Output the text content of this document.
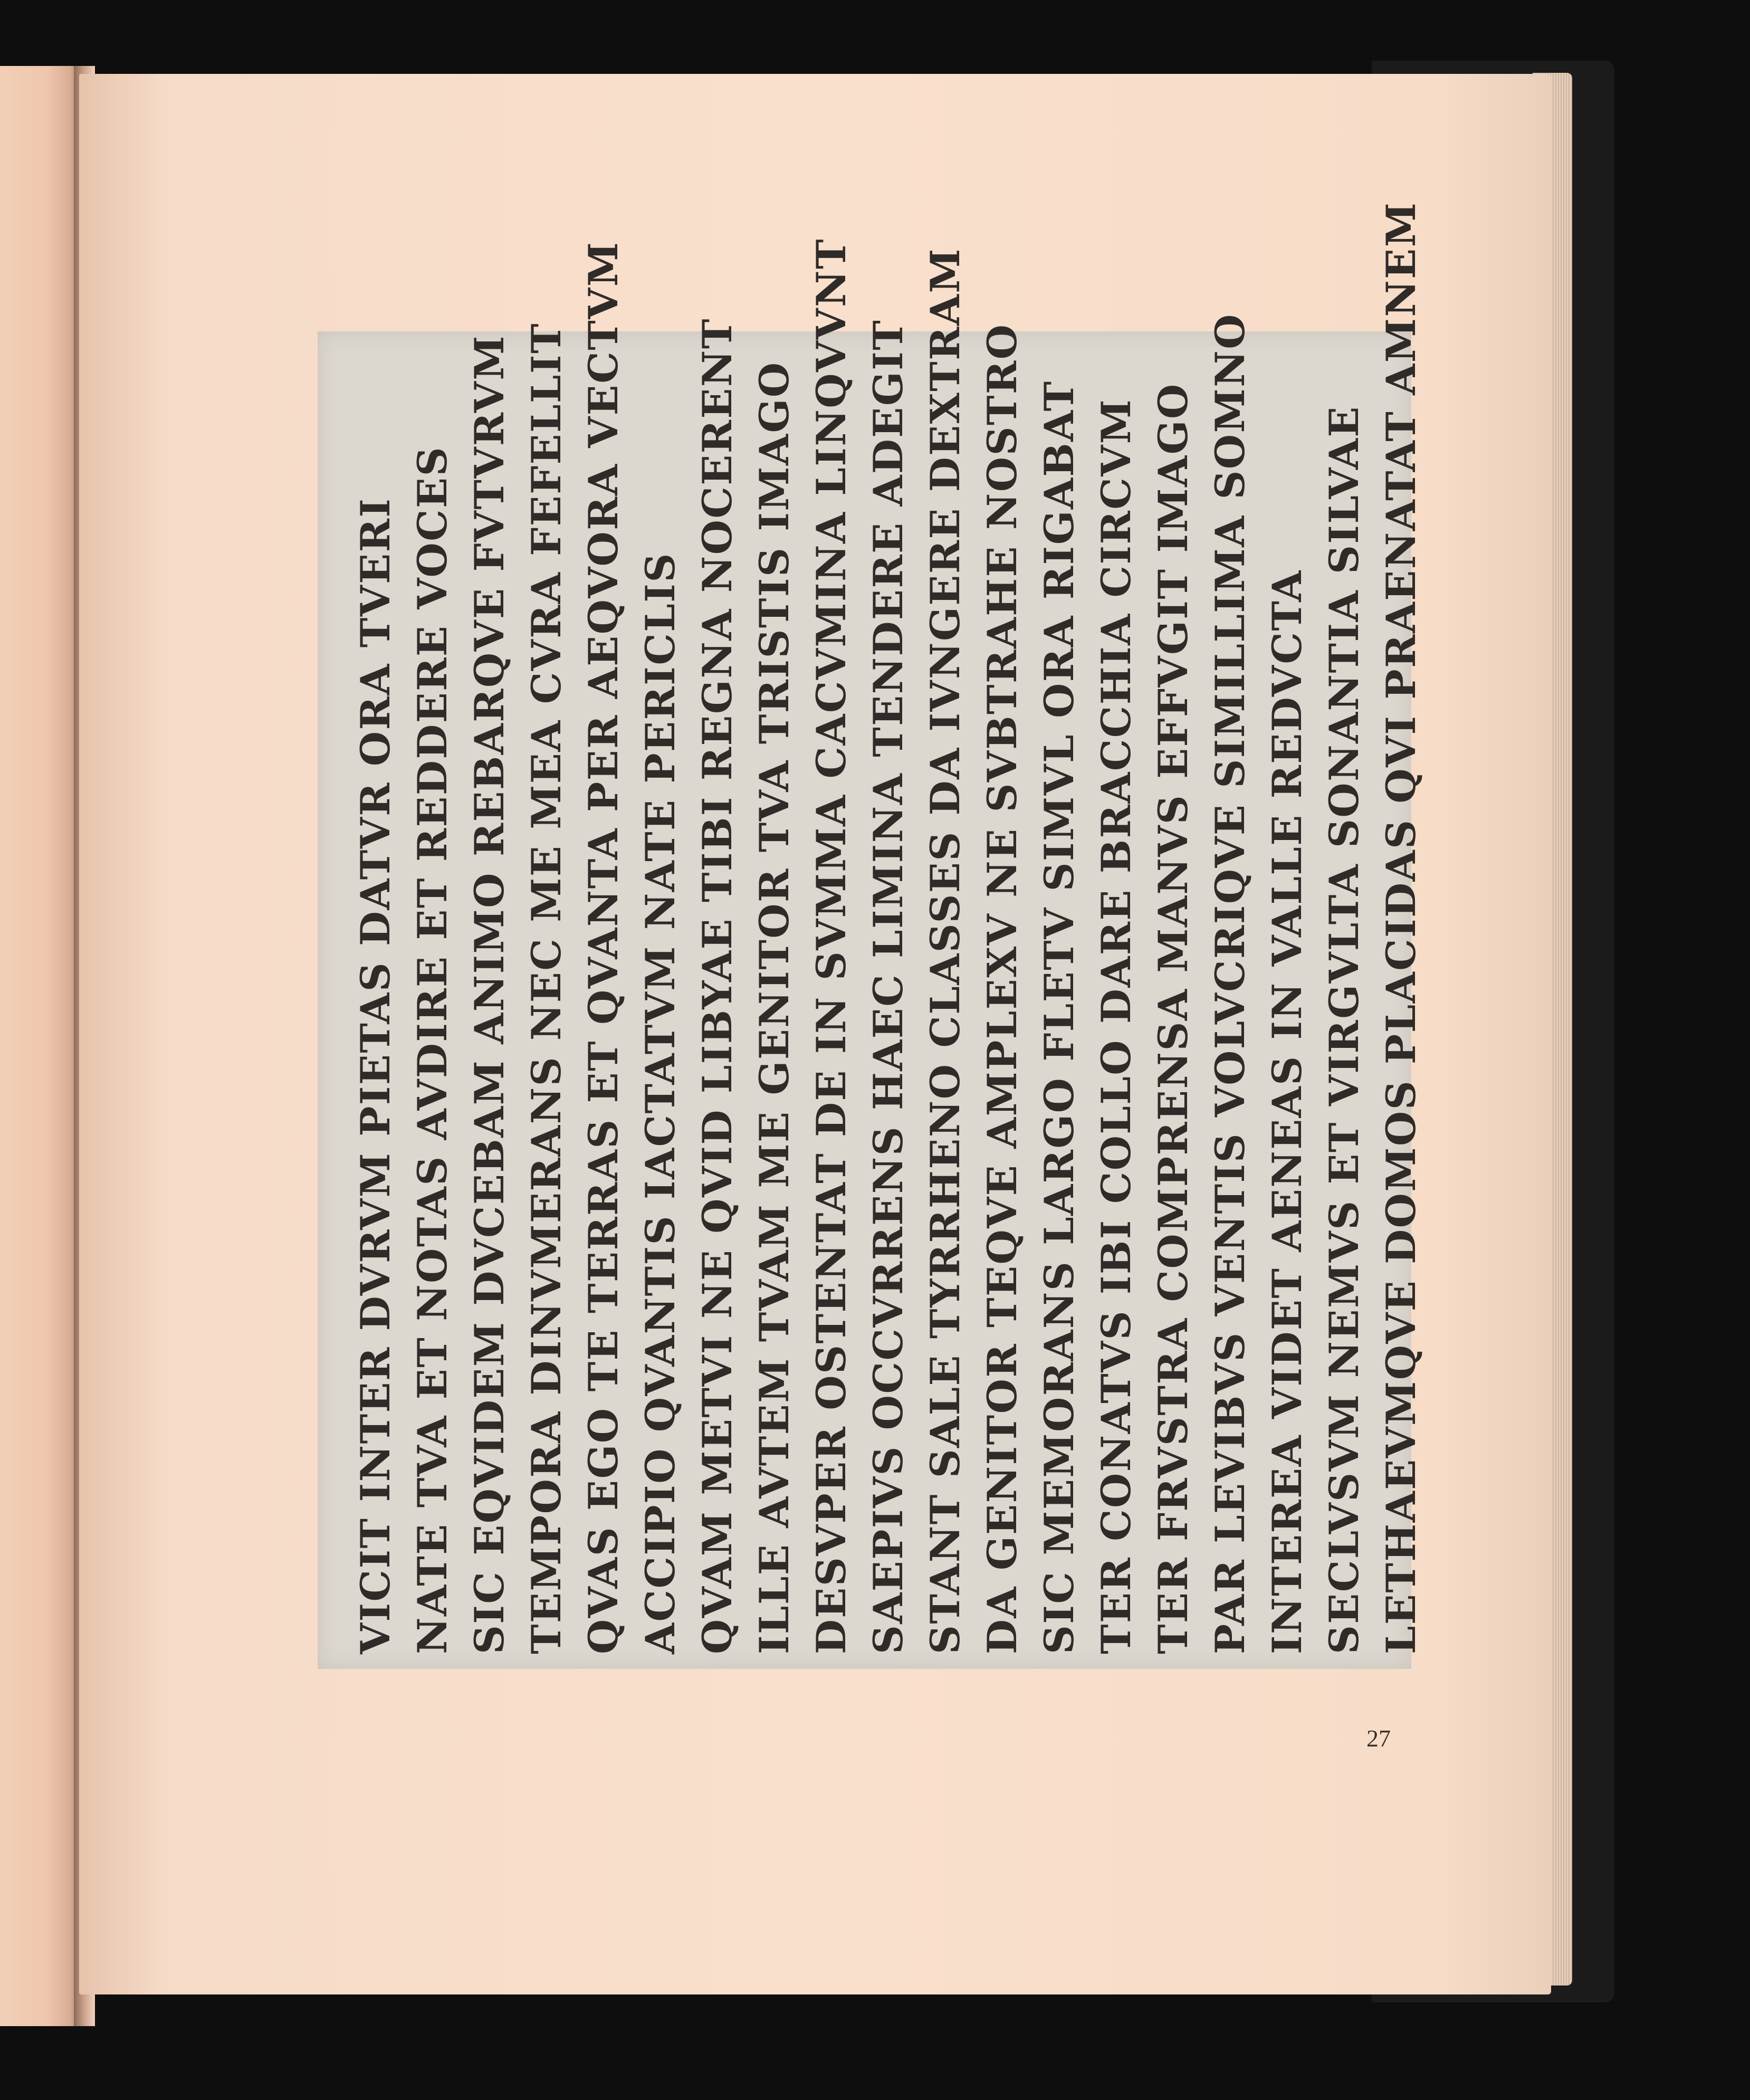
VICIT INTER DVRVM PIETAS DATVR ORA TVERI NATE TVA ET NOTAS AVDIRE ET REDDERE VOCES SIC EQVIDEM DVCEBAM ANIMO REBARQVE FVTVRVM TEMPORA DINVMERANS NEC ME MEA CVRA FEFELLIT QVAS EGO TE TERRAS ET QVANTA PER AEQVORA VECTVM ACCIPIO QVANTIS IACTATVM NATE PERICLIS QVAM METVI NE QVID LIBYAE TIBI REGNA NOCERENT ILLE AVTEM TVAM ME GENITOR TVA TRISTIS IMAGO DESVPER OSTENTAT DE IN SVMMA CACVMINA LINQVVNT SAEPIVS OCCVRRENS HAEC LIMINA TENDERE ADEGIT STANT SALE TYRRHENO CLASSES DA IVNGERE DEXTRAM DA GENITOR TEQVE AMPLEXV NE SVBTRAHE NOSTRO SIC MEMORANS LARGO FLETV SIMVL ORA RIGABAT TER CONATVS IBI COLLO DARE BRACCHIA CIRCVM TER FRVSTRA COMPRENSA MANVS EFFVGIT IMAGO PAR LEVIBVS VENTIS VOLVCRIQVE SIMILLIMA SOMNO INTEREA VIDET AENEAS IN VALLE REDVCTA SECLVSVM NEMVS ET VIRGVLTA SONANTIA SILVAE LETHAEVMQVE DOMOS PLACIDAS QVI PRAENATAT AMNEM
27
